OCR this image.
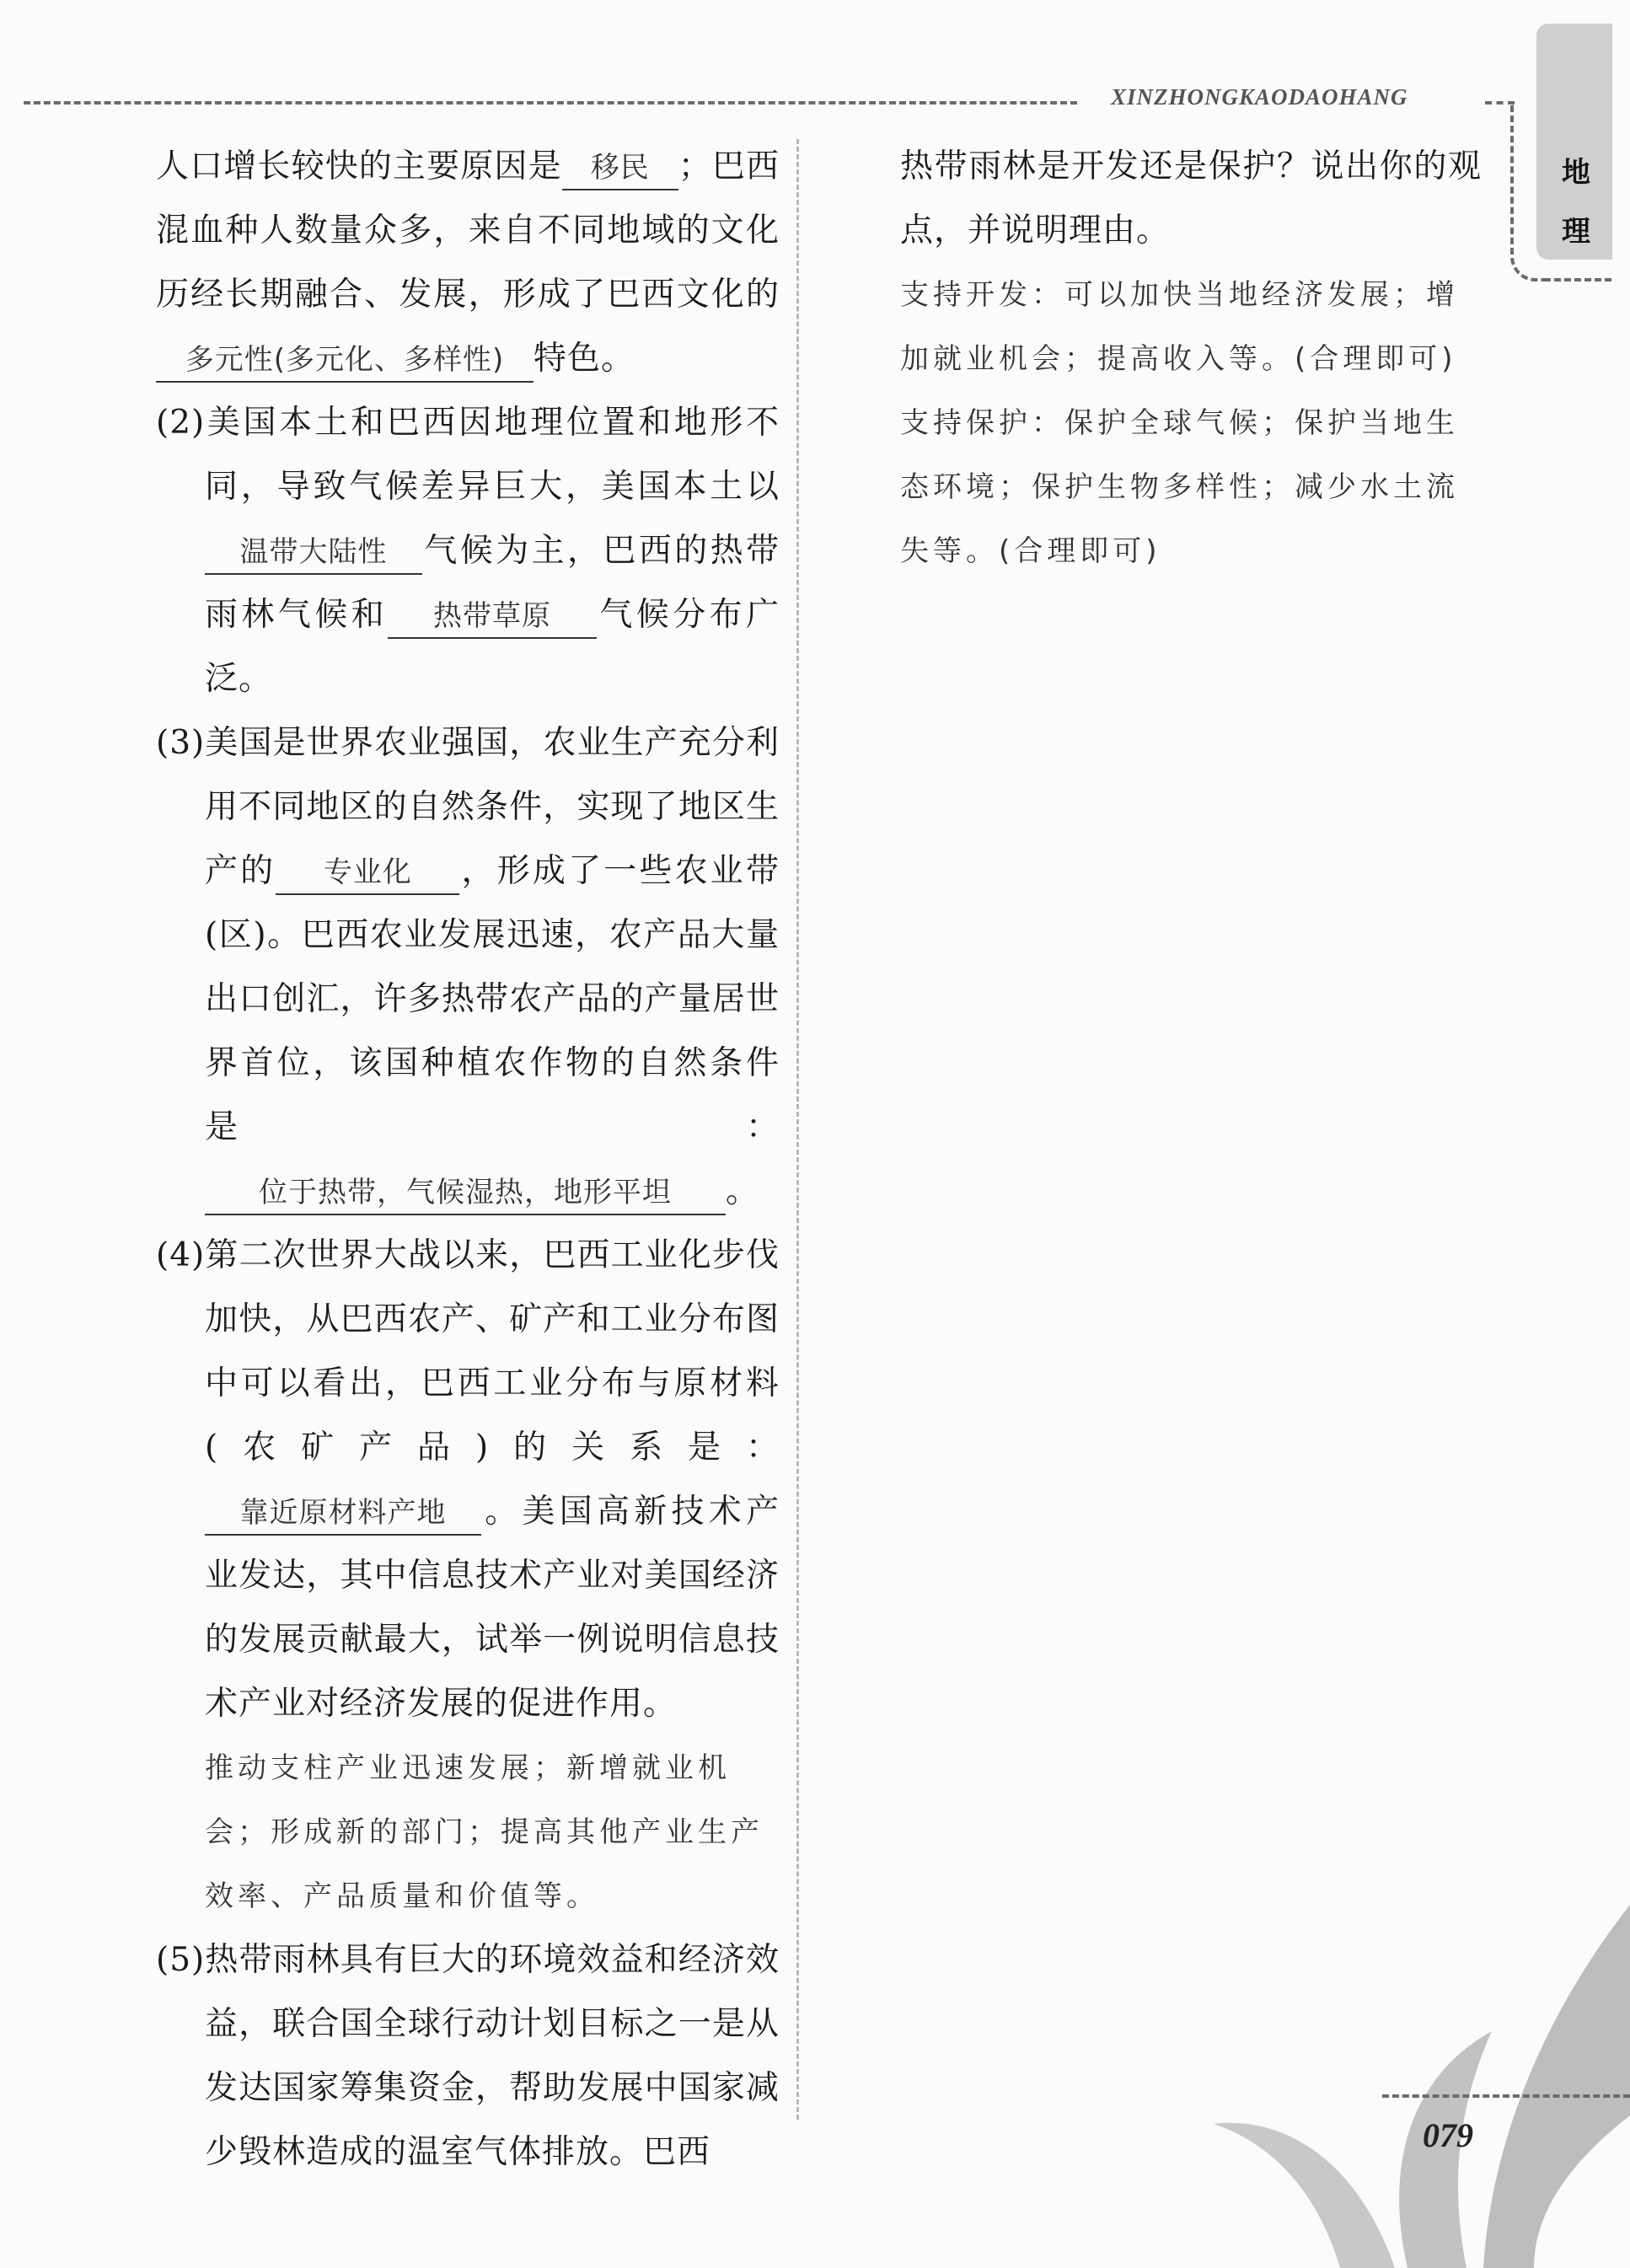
XINZHONGKAODAOHANG
地理

人口增长较快的主要原因是 移民 ；巴西混血种人数量众多，来自不同地域的文化历经长期融合、发展，形成了巴西文化的多元性(多元化、多样性) 特色。

(2)美国本土和巴西因地理位置和地形不同，导致气候差异巨大，美国本土以温带大陆性 气候为主，巴西的热带雨林气候和 热带草原 气候分布广泛。

(3)美国是世界农业强国，农业生产充分利用不同地区的自然条件，实现了地区生产的 专业化 ，形成了一些农业带(区)。巴西农业发展迅速，农产品大量出口创汇，许多热带农产品的产量居世界首位，该国种植农作物的自然条件是：位于热带，气候湿热，地形平坦 。

(4)第二次世界大战以来，巴西工业化步伐加快，从巴西农产、矿产和工业分布图中可以看出，巴西工业分布与原材料(农矿产品)的关系是：靠近原材料产地 。美国高新技术产业发达，其中信息技术产业对美国经济的发展贡献最大，试举一例说明信息技术产业对经济发展的促进作用。

推动支柱产业迅速发展；新增就业机会；形成新的部门；提高其他产业生产效率、产品质量和价值等。

(5)热带雨林具有巨大的环境效益和经济效益，联合国全球行动计划目标之一是从发达国家筹集资金，帮助发展中国家减少毁林造成的温室气体排放。巴西

热带雨林是开发还是保护？说出你的观点，并说明理由。

支持开发：可以加快当地经济发展；增加就业机会；提高收入等。(合理即可)

支持保护：保护全球气候；保护当地生态环境；保护生物多样性；减少水土流失等。(合理即可)

079
